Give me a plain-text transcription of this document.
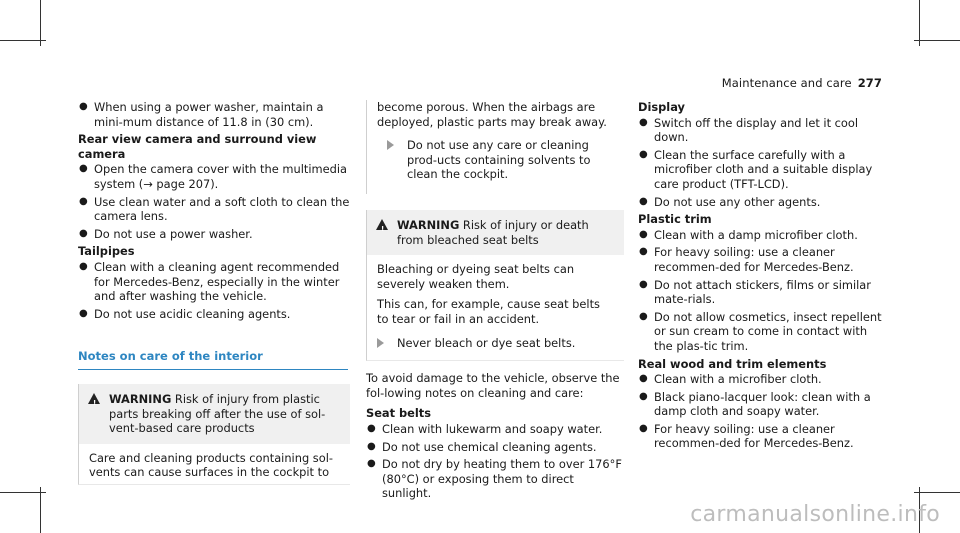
Maintenance and care 277
● When using a power washer, maintain a mini-mum distance of 11.8 in (30 cm).
Rear view camera and surround view camera
● Open the camera cover with the multimedia system (→ page 207).
● Use clean water and a soft cloth to clean the camera lens.
● Do not use a power washer.
Tailpipes
● Clean with a cleaning agent recommended for Mercedes-Benz, especially in the winter and after washing the vehicle.
● Do not use acidic cleaning agents.
Notes on care of the interior
! WARNING Risk of injury from plastic parts breaking off after the use of sol-vent-based care products
Care and cleaning products containing sol-vents can cause surfaces in the cockpit to
become porous. When the airbags are deployed, plastic parts may break away.
Do not use any care or cleaning prod-ucts containing solvents to clean the cockpit.
! WARNING Risk of injury or death from bleached seat belts
Bleaching or dyeing seat belts can severely weaken them.
This can, for example, cause seat belts to tear or fail in an accident.
Never bleach or dye seat belts.
To avoid damage to the vehicle, observe the fol-lowing notes on cleaning and care:
Seat belts
● Clean with lukewarm and soapy water.
● Do not use chemical cleaning agents.
● Do not dry by heating them to over 176°F (80°C) or exposing them to direct sunlight.
Display
● Switch off the display and let it cool down.
● Clean the surface carefully with a microfiber cloth and a suitable display care product (TFT-LCD).
● Do not use any other agents.
Plastic trim
● Clean with a damp microfiber cloth.
● For heavy soiling: use a cleaner recommen-ded for Mercedes-Benz.
● Do not attach stickers, films or similar mate-rials.
● Do not allow cosmetics, insect repellent or sun cream to come in contact with the plas-tic trim.
Real wood and trim elements
● Clean with a microfiber cloth.
● Black piano-lacquer look: clean with a damp cloth and soapy water.
● For heavy soiling: use a cleaner recommen-ded for Mercedes-Benz.
carmanualsonline.info
